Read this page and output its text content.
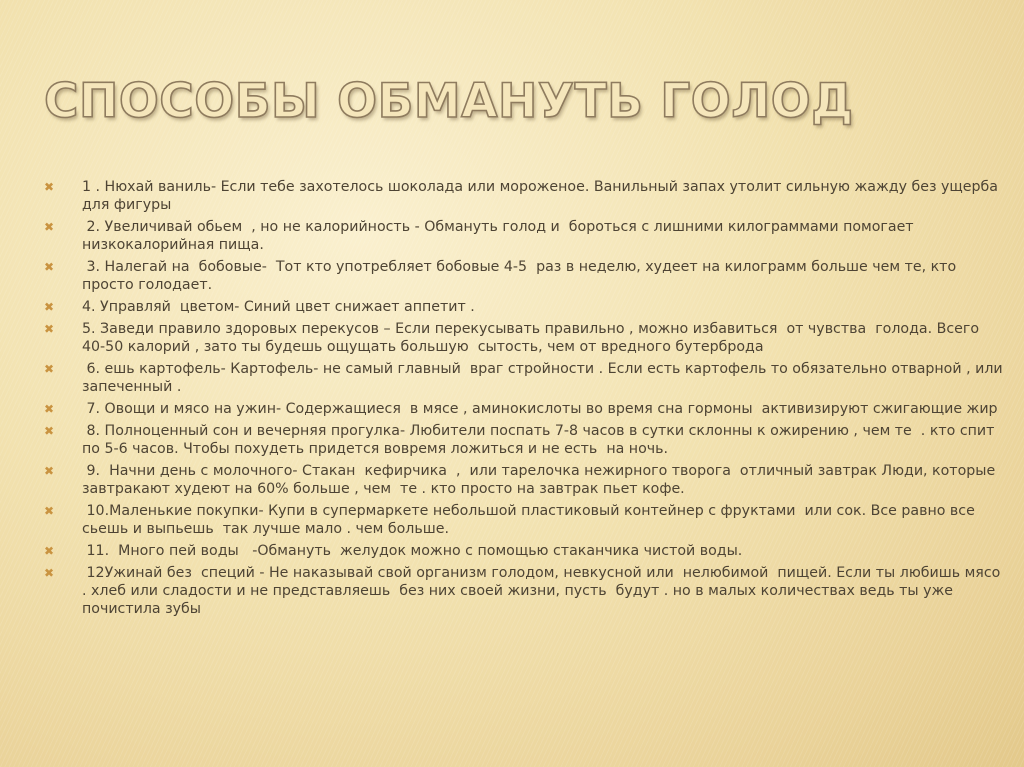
СПОСОБЫ ОБМАНУТЬ ГОЛОД
✖	1 . Нюхай ваниль- Если тебе захотелось шоколада или мороженое. Ванильный запах утолит сильную жажду без ущерба для фигуры
✖	2. Увеличивай обьем  , но не калорийность - Обмануть голод и  бороться с лишними килограммами помогает низкокалорийная пища.
✖	3. Налегай на  бобовые-  Тот кто употребляет бобовые 4-5  раз в неделю, худеет на килограмм больше чем те, кто просто голодает.
✖	4. Управляй  цветом- Синий цвет снижает аппетит .
✖	5. Заведи правило здоровых перекусов – Если перекусывать правильно , можно избавиться  от чувства  голода. Всего 40-50 калорий , зато ты будешь ощущать большую  сытость, чем от вредного бутерброда
✖	6. ешь картофель- Картофель- не самый главный  враг стройности . Если есть картофель то обязательно отварной , или запеченный .
✖	7. Овощи и мясо на ужин- Содержащиеся  в мясе , аминокислоты во время сна гормоны  активизируют сжигающие жир
✖	8. Полноценный сон и вечерняя прогулка- Любители поспать 7-8 часов в сутки склонны к ожирению , чем те  . кто спит по 5-6 часов. Чтобы похудеть придется вовремя ложиться и не есть  на ночь.
✖	9.  Начни день с молочного- Стакан  кефирчика  ,  или тарелочка нежирного творога  отличный завтрак Люди, которые завтракают худеют на 60% больше , чем  те . кто просто на завтрак пьет кофе.
✖	10.Маленькие покупки- Купи в супермаркете небольшой пластиковый контейнер с фруктами  или сок. Все равно все сьешь и выпьешь  так лучше мало . чем больше.
✖	11.  Много пей воды   -Обмануть  желудок можно с помощью стаканчика чистой воды.
✖	12Ужинай без  специй - Не наказывай свой организм голодом, невкусной или  нелюбимой  пищей. Если ты любишь мясо . хлеб или сладости и не представляешь  без них своей жизни, пусть  будут . но в малых количествах ведь ты уже почистила зубы
